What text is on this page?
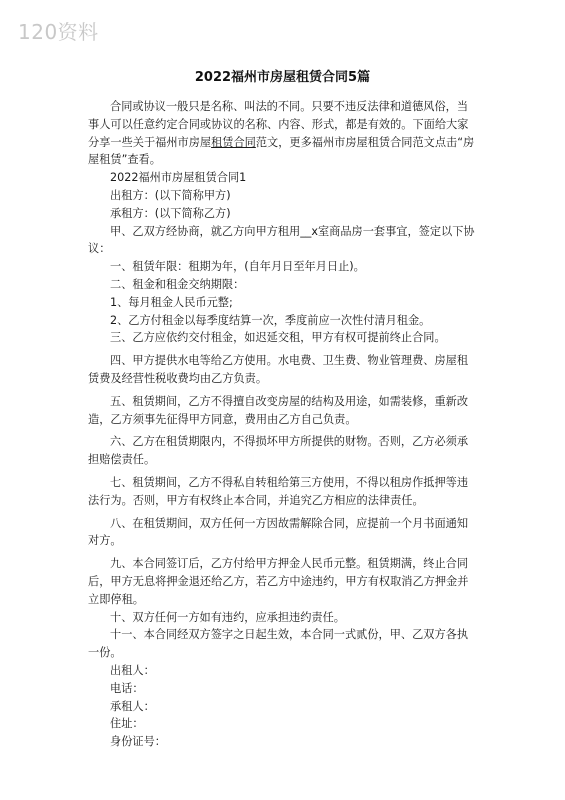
120资料
2022福州市房屋租赁合同5篇

合同或协议一般只是名称、叫法的不同。只要不违反法律和道德风俗，当事人可以任意约定合同或协议的名称、内容、形式，都是有效的。下面给大家分享一些关于福州市房屋租赁合同范文，更多福州市房屋租赁合同范文点击“房屋租赁”查看。

2022福州市房屋租赁合同1

出租方：(以下简称甲方)

承租方：(以下简称乙方)

甲、乙双方经协商，就乙方向甲方租用__x室商品房一套事宜，签定以下协议：

一、租赁年限：租期为年，(自年月日至年月日止)。

二、租金和租金交纳期限：

1、每月租金人民币元整;

2、乙方付租金以每季度结算一次，季度前应一次性付清月租金。

三、乙方应依约交付租金，如迟延交租，甲方有权可提前终止合同。

四、甲方提供水电等给乙方使用。水电费、卫生费、物业管理费、房屋租赁费及经营性税收费均由乙方负责。

五、租赁期间，乙方不得擅自改变房屋的结构及用途，如需装修，重新改造，乙方须事先征得甲方同意，费用由乙方自己负责。

六、乙方在租赁期限内，不得损坏甲方所提供的财物。否则，乙方必须承担赔偿责任。

七、租赁期间，乙方不得私自转租给第三方使用，不得以租房作抵押等违法行为。否则，甲方有权终止本合同，并追究乙方相应的法律责任。

八、在租赁期间，双方任何一方因故需解除合同，应提前一个月书面通知对方。

九、本合同签订后，乙方付给甲方押金人民币元整。租赁期满，终止合同后，甲方无息将押金退还给乙方，若乙方中途违约，甲方有权取消乙方押金并立即停租。

十、双方任何一方如有违约，应承担违约责任。

十一、本合同经双方签字之日起生效，本合同一式贰份，甲、乙双方各执一份。

出租人：

电话：

承租人：

住址：

身份证号：
